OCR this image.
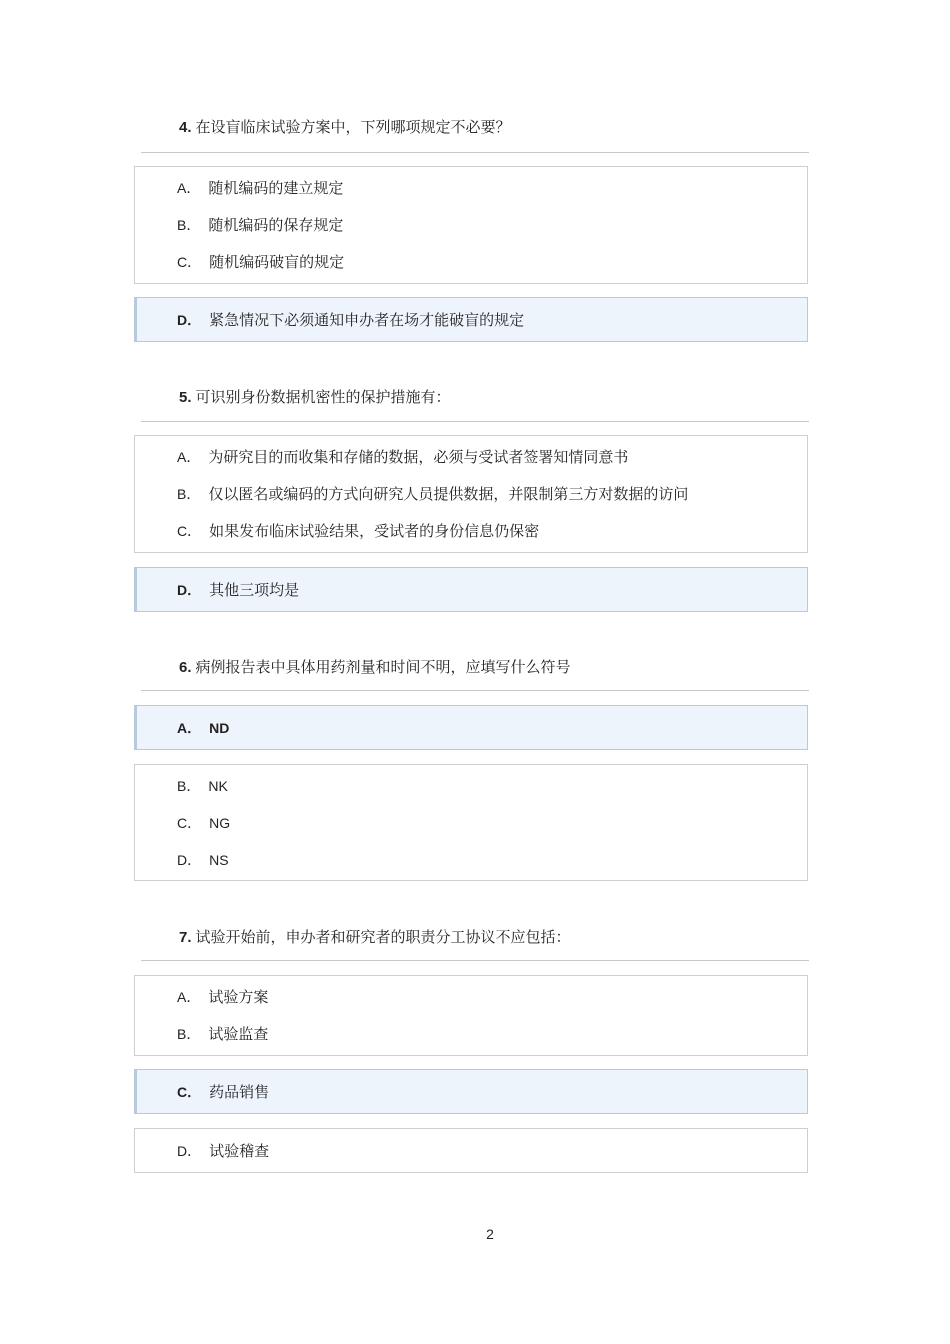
4. 在设盲临床试验方案中，下列哪项规定不必要？
A． 随机编码的建立规定
B． 随机编码的保存规定
C． 随机编码破盲的规定
D． 紧急情况下必须通知申办者在场才能破盲的规定
5. 可识别身份数据机密性的保护措施有：
A． 为研究目的而收集和存储的数据，必须与受试者签署知情同意书
B． 仅以匿名或编码的方式向研究人员提供数据，并限制第三方对数据的访问
C． 如果发布临床试验结果，受试者的身份信息仍保密
D． 其他三项均是
6. 病例报告表中具体用药剂量和时间不明，应填写什么符号
A． ND
B． NK
C． NG
D． NS
7. 试验开始前，申办者和研究者的职责分工协议不应包括：
A． 试验方案
B． 试验监查
C． 药品销售
D． 试验稽查
2
